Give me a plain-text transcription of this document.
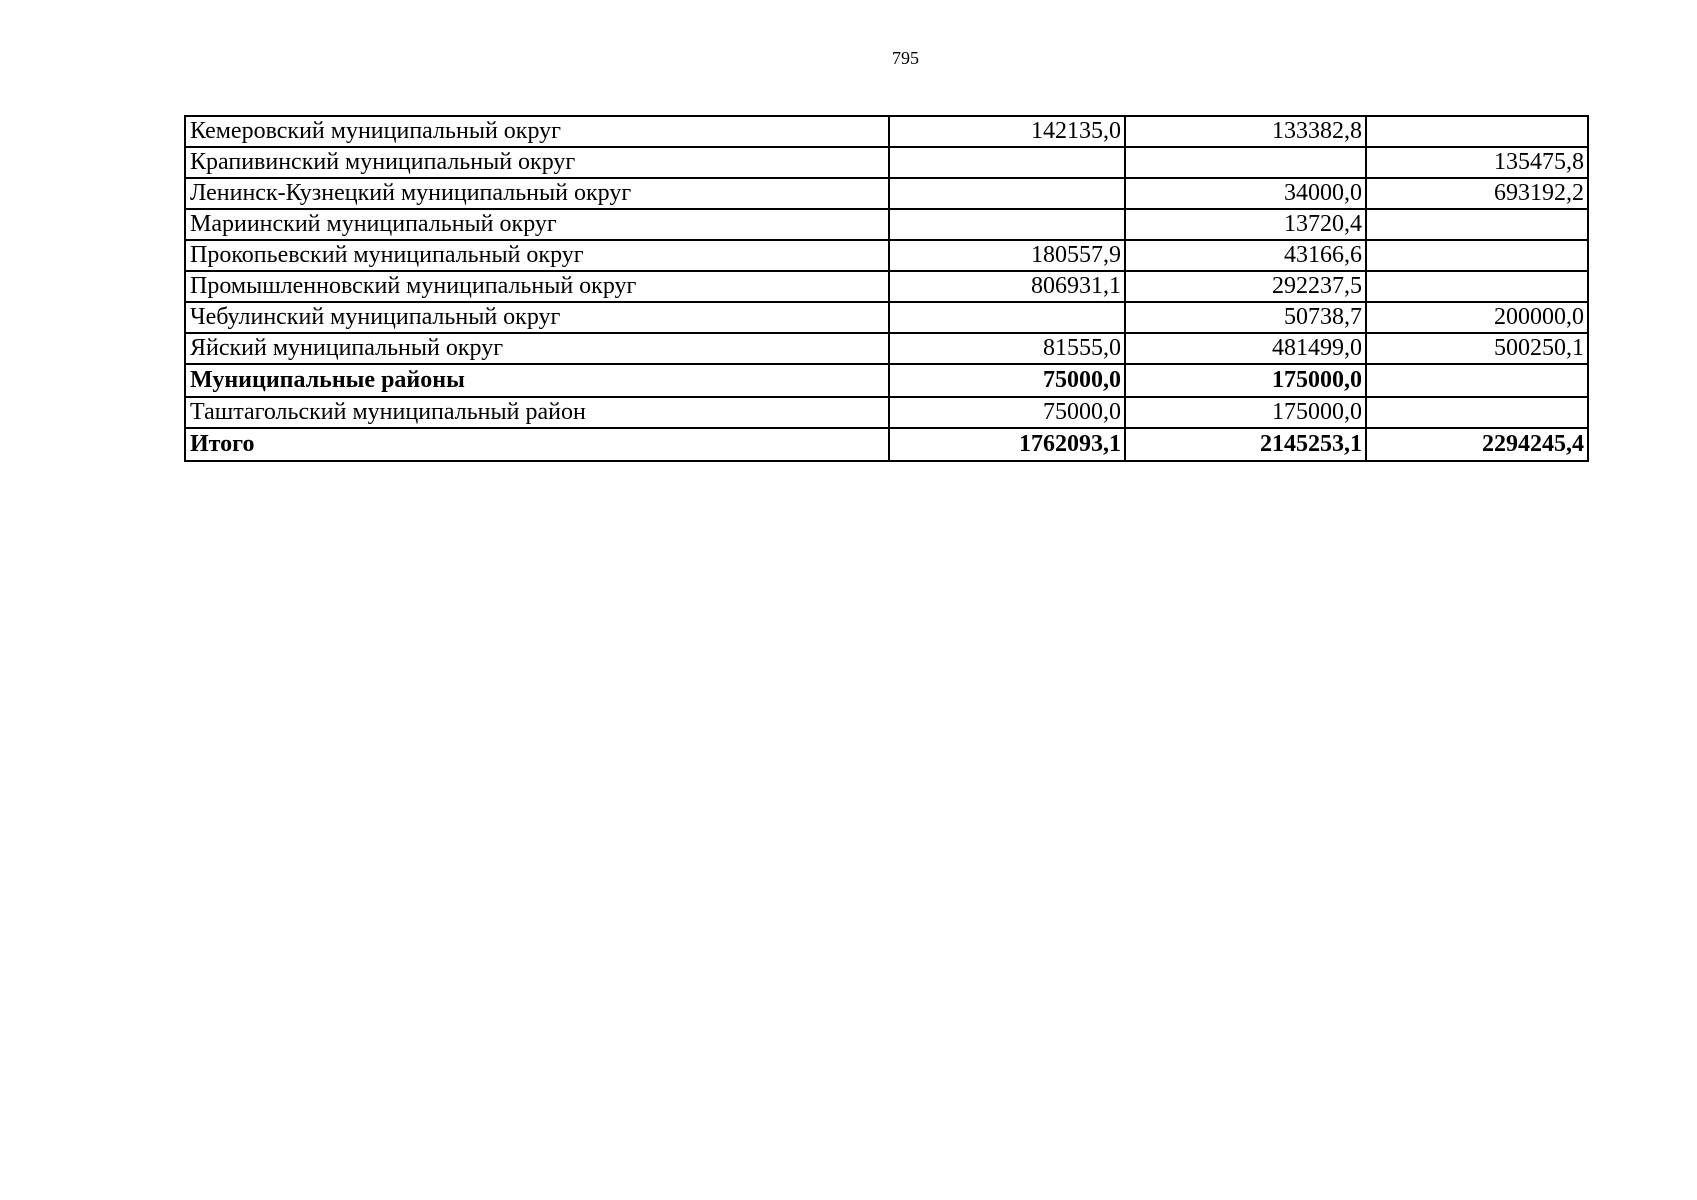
795
Кемеровский муниципальный округ	142135,0	133382,8	
Крапивинский муниципальный округ			135475,8
Ленинск-Кузнецкий муниципальный округ		34000,0	693192,2
Мариинский муниципальный округ		13720,4	
Прокопьевский муниципальный округ	180557,9	43166,6	
Промышленновский муниципальный округ	806931,1	292237,5	
Чебулинский муниципальный округ		50738,7	200000,0
Яйский муниципальный округ	81555,0	481499,0	500250,1
Муниципальные районы	75000,0	175000,0	
Таштагольский муниципальный район	75000,0	175000,0	
Итого	1762093,1	2145253,1	2294245,4
